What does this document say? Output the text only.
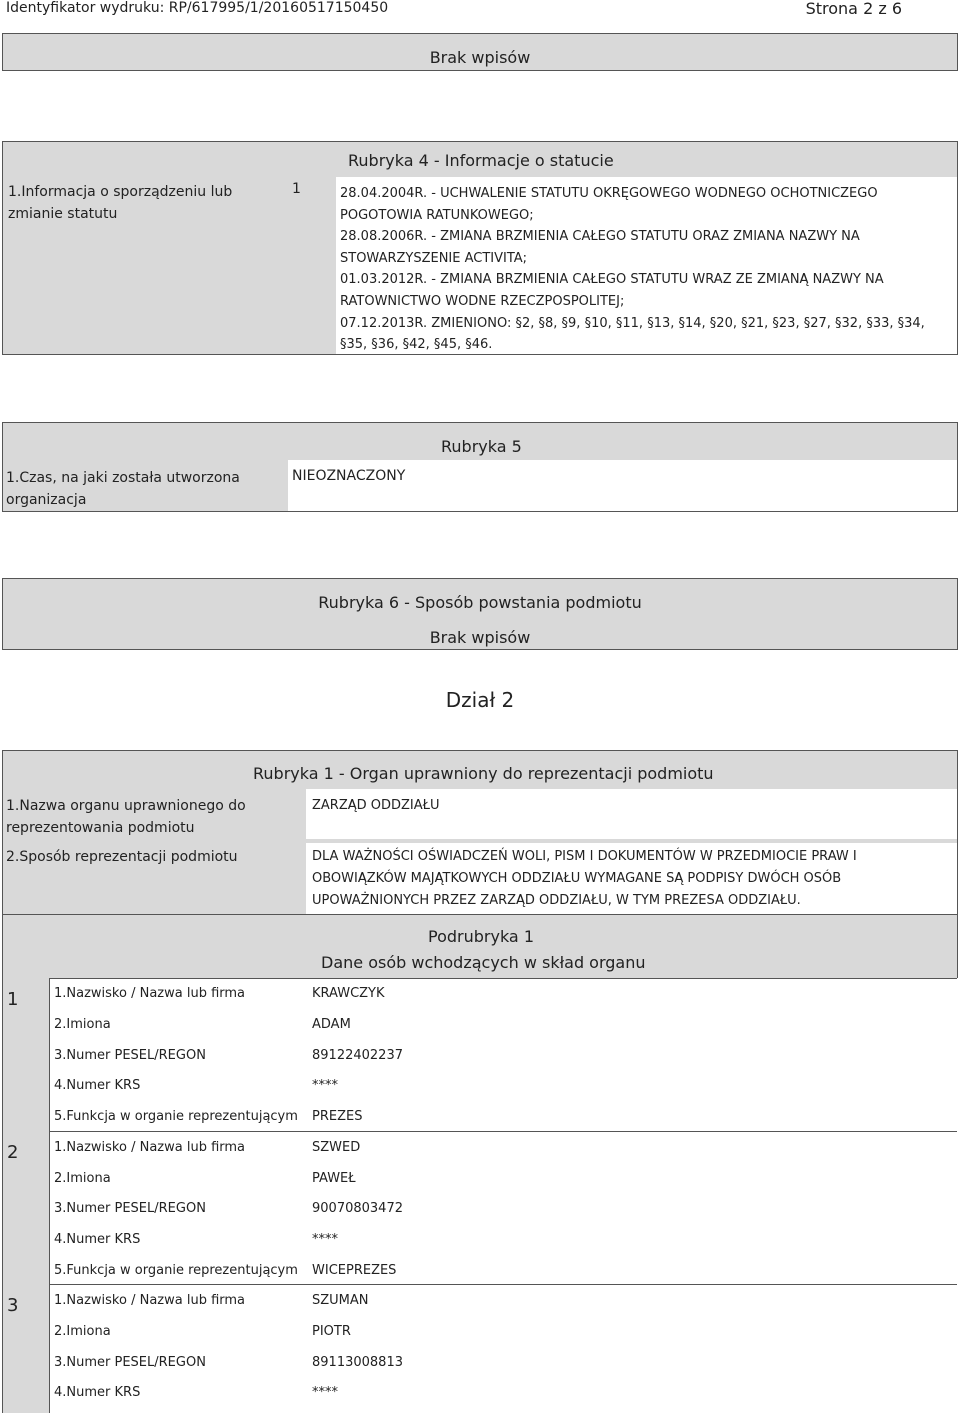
Identyfikator wydruku: RP/617995/1/20160517150450	Strona 2 z 6
Brak wpisów
Rubryka 4 - Informacje o statucie
1.Informacja o sporządzeniu lub zmianie statutu
1	28.04.2004R. - UCHWALENIE STATUTU OKRĘGOWEGO WODNEGO OCHOTNICZEGO
POGOTOWIA RATUNKOWEGO;
28.08.2006R. - ZMIANA BRZMIENIA CAŁEGO STATUTU ORAZ ZMIANA NAZWY NA
STOWARZYSZENIE ACTIVITA;
01.03.2012R. - ZMIANA BRZMIENIA CAŁEGO STATUTU WRAZ ZE ZMIANĄ NAZWY NA
RATOWNICTWO WODNE RZECZPOSPOLITEJ;
07.12.2013R. ZMIENIONO: §2, §8, §9, §10, §11, §13, §14, §20, §21, §23, §27, §32, §33, §34,
§35, §36, §42, §45, §46.
Rubryka 5
1.Czas, na jaki została utworzona organizacja
NIEOZNACZONY
Rubryka 6 - Sposób powstania podmiotu
Brak wpisów
Dział 2
Rubryka 1 - Organ uprawniony do reprezentacji podmiotu
1.Nazwa organu uprawnionego do reprezentowania podmiotu
ZARZĄD ODDZIAŁU
2.Sposób reprezentacji podmiotu	DLA WAŻNOŚCI OŚWIADCZEŃ WOLI, PISM I DOKUMENTÓW W PRZEDMIOCIE PRAW I
OBOWIĄZKÓW MAJĄTKOWYCH ODDZIAŁU WYMAGANE SĄ PODPISY DWÓCH OSÓB
UPOWAŻNIONYCH PRZEZ ZARZĄD ODDZIAŁU, W TYM PREZESA ODDZIAŁU.
Podrubryka 1
Dane osób wchodzących w skład organu
1	1.Nazwisko / Nazwa lub firma	KRAWCZYK
2.Imiona	ADAM
3.Numer PESEL/REGON	89122402237
4.Numer KRS	****
5.Funkcja w organie reprezentującym PREZES
2	1.Nazwisko / Nazwa lub firma	SZWED
2.Imiona	PAWEŁ
3.Numer PESEL/REGON	90070803472
4.Numer KRS	****
5.Funkcja w organie reprezentującym WICEPREZES
3	1.Nazwisko / Nazwa lub firma	SZUMAN
2.Imiona	PIOTR
3.Numer PESEL/REGON	89113008813
4.Numer KRS	****
